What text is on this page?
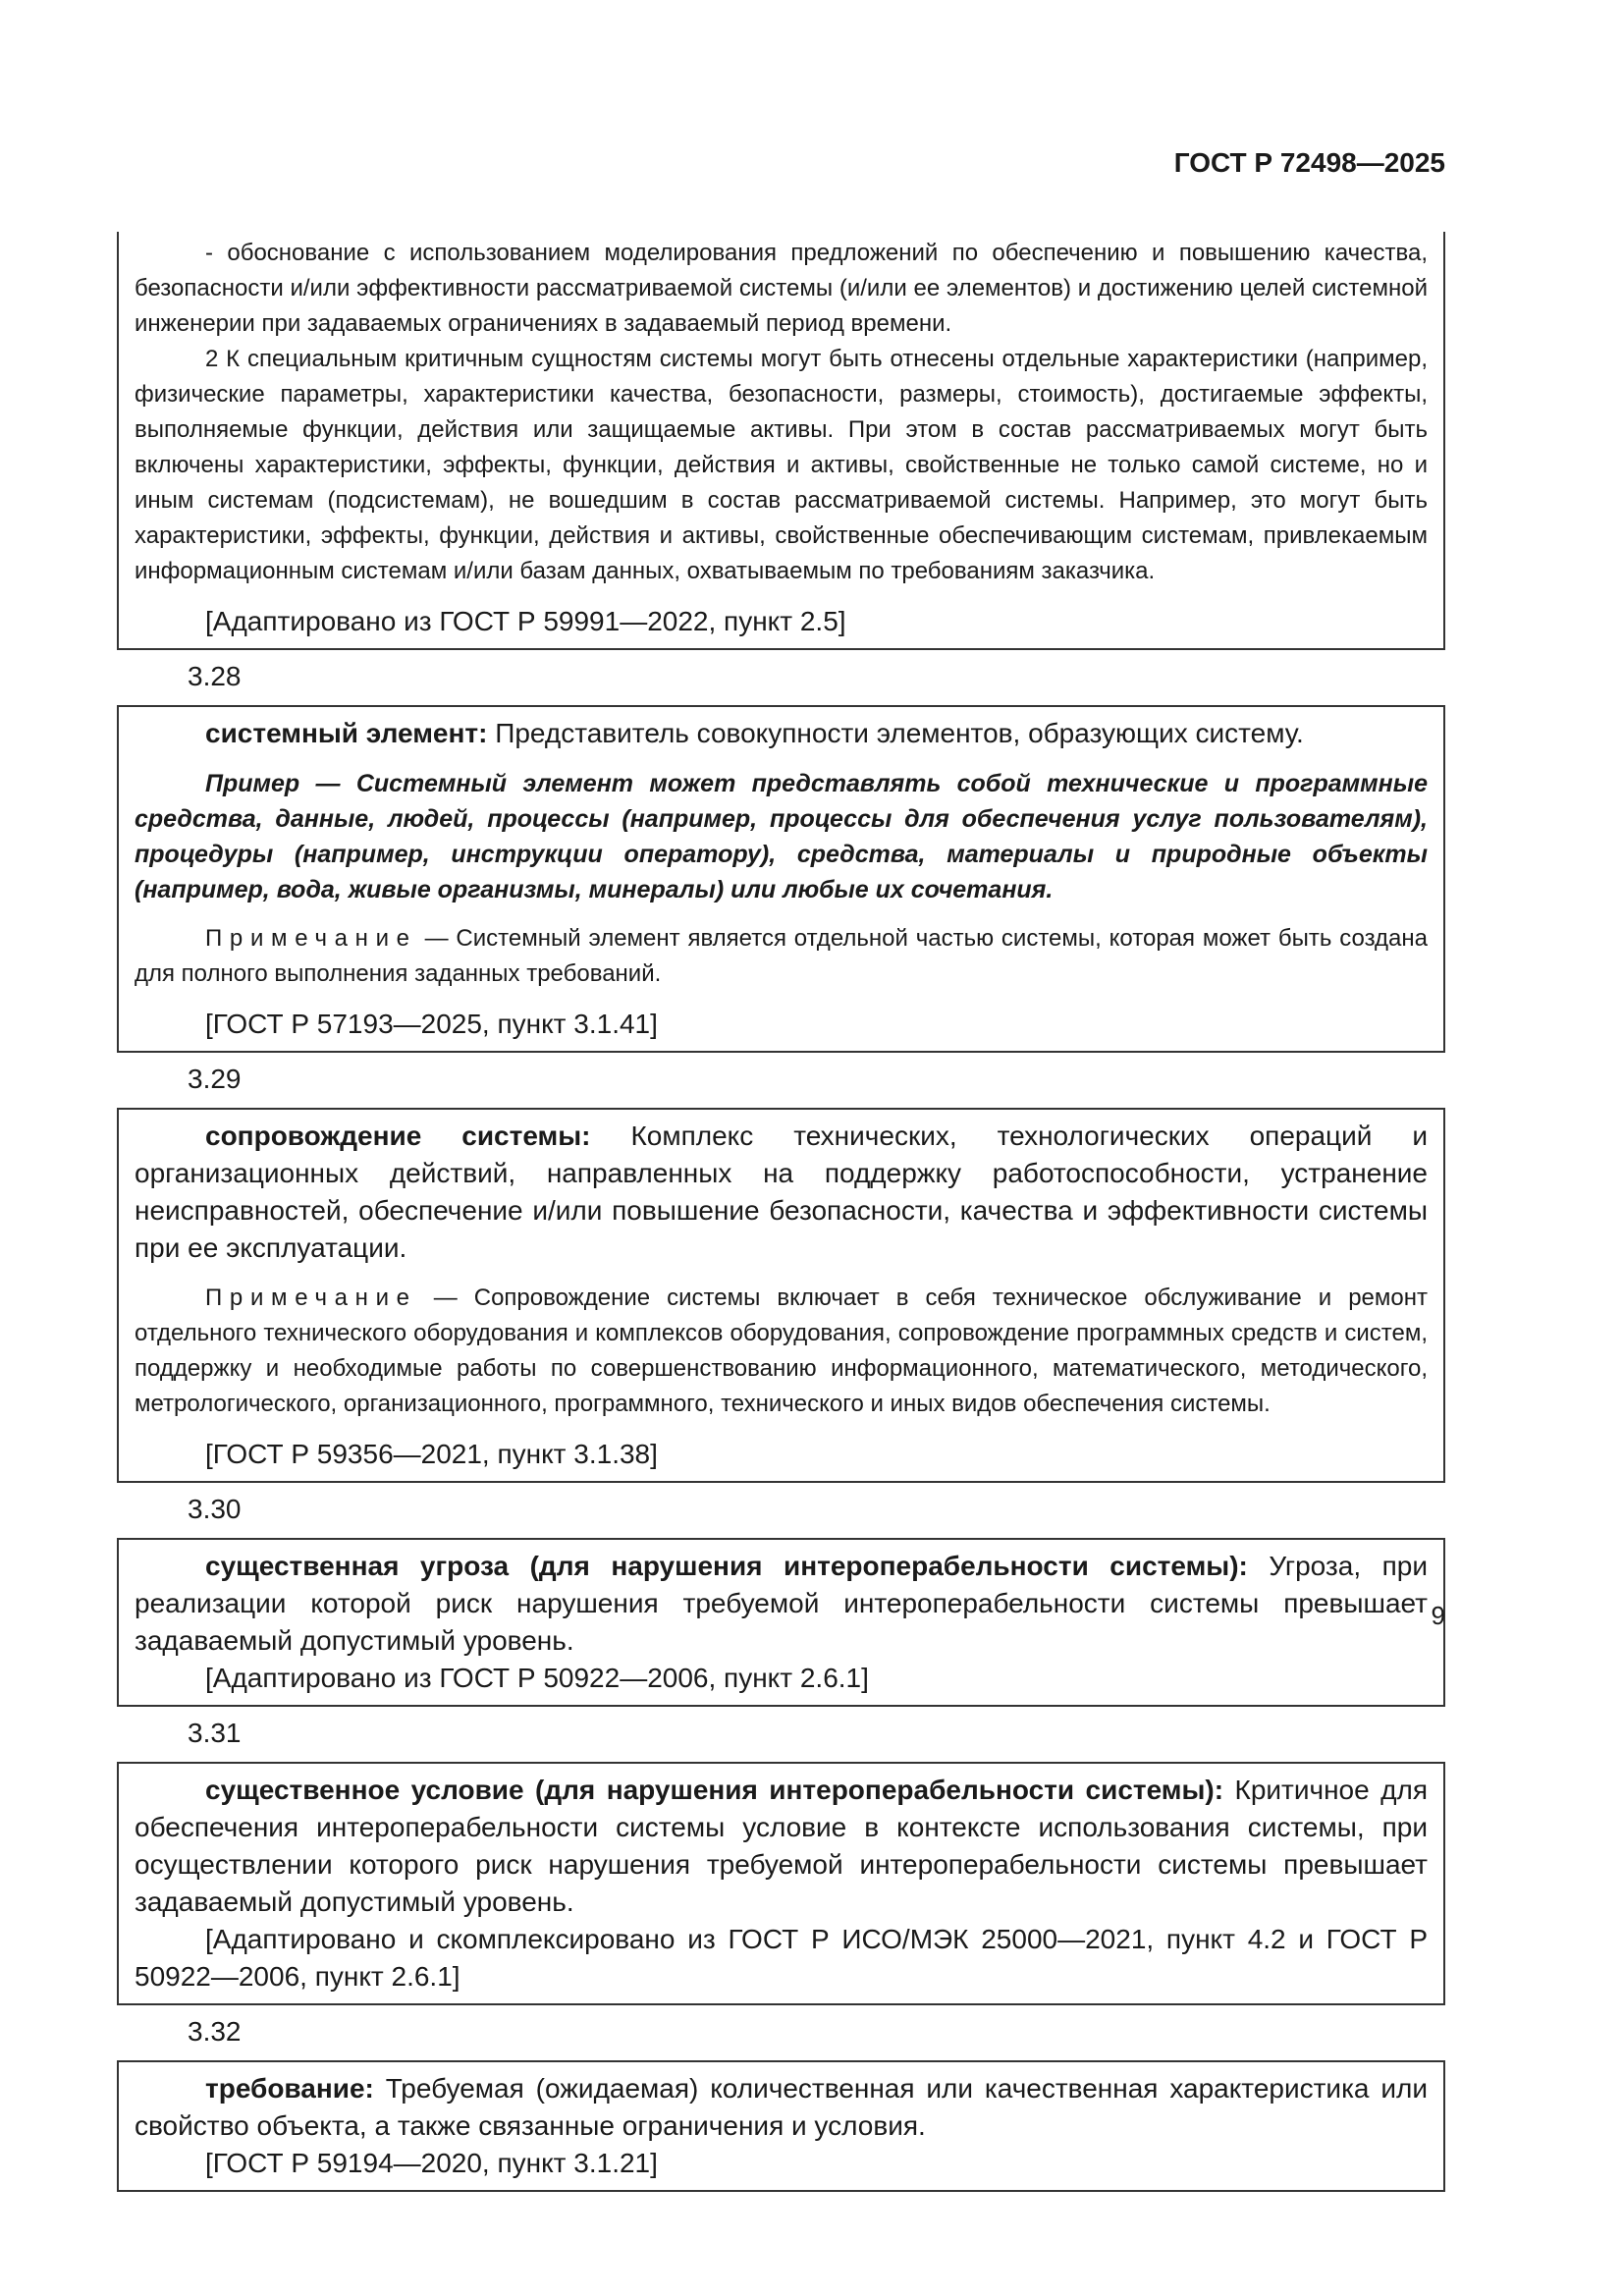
ГОСТ Р 72498—2025

- обоснование с использованием моделирования предложений по обеспечению и повышению качества, безопасности и/или эффективности рассматриваемой системы (и/или ее элементов) и достижению целей системной инженерии при задаваемых ограничениях в задаваемый период времени.

2 К специальным критичным сущностям системы могут быть отнесены отдельные характеристики (например, физические параметры, характеристики качества, безопасности, размеры, стоимость), достигаемые эффекты, выполняемые функции, действия или защищаемые активы. При этом в состав рассматриваемых могут быть включены характеристики, эффекты, функции, действия и активы, свойственные не только самой системе, но и иным системам (подсистемам), не вошедшим в состав рассматриваемой системы. Например, это могут быть характеристики, эффекты, функции, действия и активы, свойственные обеспечивающим системам, привлекаемым информационным системам и/или базам данных, охватываемым по требованиям заказчика.

[Адаптировано из ГОСТ Р 59991—2022, пункт 2.5]

3.28

системный элемент: Представитель совокупности элементов, образующих систему.

Пример — Системный элемент может представлять собой технические и программные средства, данные, людей, процессы (например, процессы для обеспечения услуг пользователям), процедуры (например, инструкции оператору), средства, материалы и природные объекты (например, вода, живые организмы, минералы) или любые их сочетания.

Примечание — Системный элемент является отдельной частью системы, которая может быть создана для полного выполнения заданных требований.

[ГОСТ Р 57193—2025, пункт 3.1.41]

3.29

сопровождение системы: Комплекс технических, технологических операций и организационных действий, направленных на поддержку работоспособности, устранение неисправностей, обеспечение и/или повышение безопасности, качества и эффективности системы при ее эксплуатации.

Примечание — Сопровождение системы включает в себя техническое обслуживание и ремонт отдельного технического оборудования и комплексов оборудования, сопровождение программных средств и систем, поддержку и необходимые работы по совершенствованию информационного, математического, методического, метрологического, организационного, программного, технического и иных видов обеспечения системы.

[ГОСТ Р 59356—2021, пункт 3.1.38]

3.30

существенная угроза (для нарушения интероперабельности системы): Угроза, при реализации которой риск нарушения требуемой интероперабельности системы превышает задаваемый допустимый уровень.

[Адаптировано из ГОСТ Р 50922—2006, пункт 2.6.1]

3.31

существенное условие (для нарушения интероперабельности системы): Критичное для обеспечения интероперабельности системы условие в контексте использования системы, при осуществлении которого риск нарушения требуемой интероперабельности системы превышает задаваемый допустимый уровень.

[Адаптировано и скомплексировано из ГОСТ Р ИСО/МЭК 25000—2021, пункт 4.2 и ГОСТ Р 50922—2006, пункт 2.6.1]

3.32

требование: Требуемая (ожидаемая) количественная или качественная характеристика или свойство объекта, а также связанные ограничения и условия.

[ГОСТ Р 59194—2020, пункт 3.1.21]

9
